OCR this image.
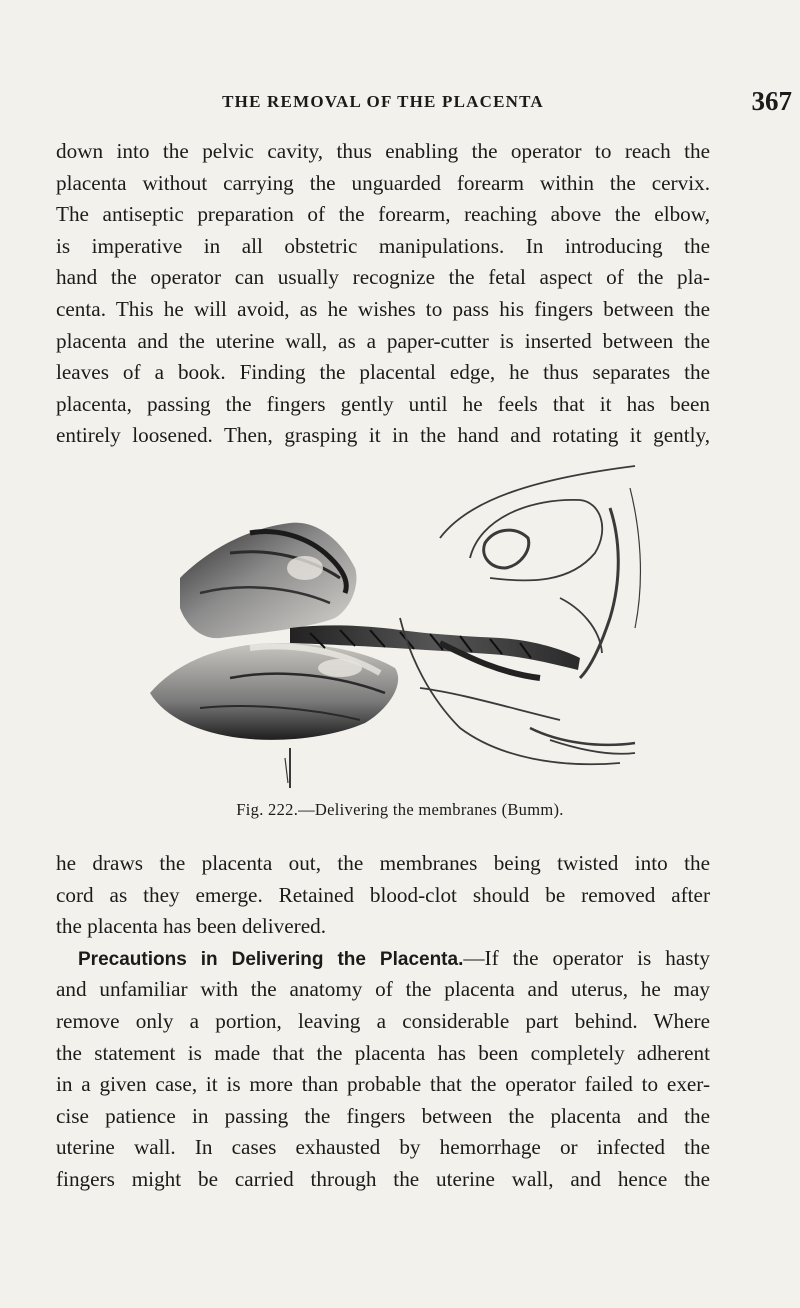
THE REMOVAL OF THE PLACENTA	367
down into the pelvic cavity, thus enabling the operator to reach the
placenta without carrying the unguarded forearm within the cervix.
The antiseptic preparation of the forearm, reaching above the elbow,
is imperative in all obstetric manipulations. In introducing the
hand the operator can usually recognize the fetal aspect of the pla-
centa. This he will avoid, as he wishes to pass his fingers between the
placenta and the uterine wall, as a paper-cutter is inserted between the
leaves of a book. Finding the placental edge, he thus separates the
placenta, passing the fingers gently until he feels that it has been
entirely loosened. Then, grasping it in the hand and rotating it gently,
Fig. 222.—Delivering the membranes (Bumm).
he draws the placenta out, the membranes being twisted into the
cord as they emerge. Retained blood-clot should be removed after
the placenta has been delivered.
Precautions in Delivering the Placenta.—If the operator is hasty
and unfamiliar with the anatomy of the placenta and uterus, he may
remove only a portion, leaving a considerable part behind. Where
the statement is made that the placenta has been completely adherent
in a given case, it is more than probable that the operator failed to exer-
cise patience in passing the fingers between the placenta and the
uterine wall. In cases exhausted by hemorrhage or infected the
fingers might be carried through the uterine wall, and hence the
